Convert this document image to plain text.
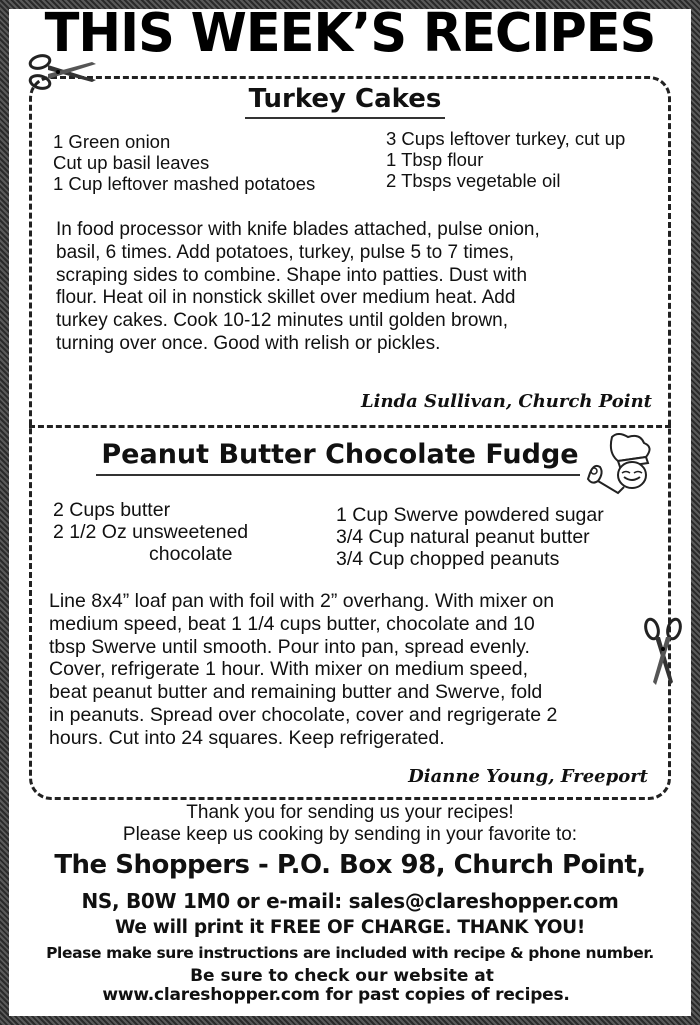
THIS WEEK’S RECIPES
Turkey Cakes
1 Green onion
Cut up basil leaves
1 Cup leftover mashed potatoes
3 Cups leftover turkey, cut up
1 Tbsp flour
2 Tbsps vegetable oil
In food processor with knife blades attached, pulse onion,
basil, 6 times. Add potatoes, turkey, pulse 5 to 7 times,
scraping sides to combine. Shape into patties. Dust with
flour. Heat oil in nonstick skillet over medium heat. Add
turkey cakes. Cook 10-12 minutes until golden brown,
turning over once. Good with relish or pickles.
Linda Sullivan, Church Point
Peanut Butter Chocolate Fudge
2 Cups butter
2 1/2 Oz unsweetened
chocolate
1 Cup Swerve powdered sugar
3/4 Cup natural peanut butter
3/4 Cup chopped peanuts
Line 8x4” loaf pan with foil with 2” overhang. With mixer on
medium speed, beat 1 1/4 cups butter, chocolate and 10
tbsp Swerve until smooth. Pour into pan, spread evenly.
Cover, refrigerate 1 hour. With mixer on medium speed,
beat peanut butter and remaining butter and Swerve, fold
in peanuts. Spread over chocolate, cover and regrigerate 2
hours. Cut into 24 squares. Keep refrigerated.
Dianne Young, Freeport
Thank you for sending us your recipes!
Please keep us cooking by sending in your favorite to:
The Shoppers - P.O. Box 98, Church Point,
NS, B0W 1M0 or e-mail: sales@clareshopper.com
We will print it FREE OF CHARGE. THANK YOU!
Please make sure instructions are included with recipe & phone number.
Be sure to check our website at
www.clareshopper.com for past copies of recipes.
